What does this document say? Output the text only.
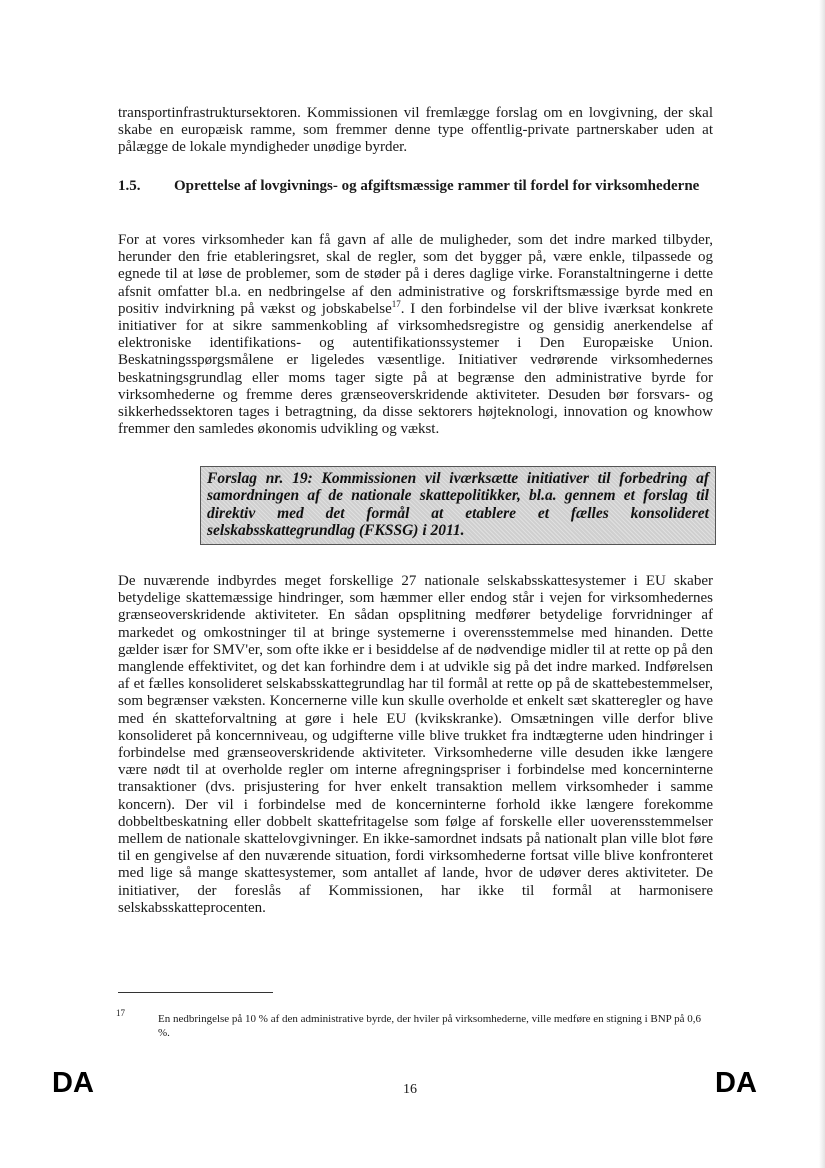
transportinfrastruktursektoren. Kommissionen vil fremlægge forslag om en lovgivning, der skal skabe en europæisk ramme, som fremmer denne type offentlig-private partnerskaber uden at pålægge de lokale myndigheder unødige byrder.
1.5. Oprettelse af lovgivnings- og afgiftsmæssige rammer til fordel for virksomhederne
For at vores virksomheder kan få gavn af alle de muligheder, som det indre marked tilbyder, herunder den frie etableringsret, skal de regler, som det bygger på, være enkle, tilpassede og egnede til at løse de problemer, som de støder på i deres daglige virke. Foranstaltningerne i dette afsnit omfatter bl.a. en nedbringelse af den administrative og forskriftsmæssige byrde med en positiv indvirkning på vækst og jobskabelse$^{17}$. I den forbindelse vil der blive iværksat konkrete initiativer for at sikre sammenkobling af virksomhedsregistre og gensidig anerkendelse af elektroniske identifikations- og autentifikationssystemer i Den Europæiske Union. Beskatningsspørgsmålene er ligeledes væsentlige. Initiativer vedrørende virksomhedernes beskatningsgrundlag eller moms tager sigte på at begrænse den administrative byrde for virksomhederne og fremme deres grænseoverskridende aktiviteter. Desuden bør forsvars- og sikkerhedssektoren tages i betragtning, da disse sektorers højteknologi, innovation og knowhow fremmer den samledes økonomis udvikling og vækst.
Forslag nr. 19: Kommissionen vil iværksætte initiativer til forbedring af samordningen af de nationale skattepolitikker, bl.a. gennem et forslag til direktiv med det formål at etablere et fælles konsolideret selskabsskattegrundlag (FKSSG) i 2011.
De nuværende indbyrdes meget forskellige 27 nationale selskabsskattesystemer i EU skaber betydelige skattemæssige hindringer, som hæmmer eller endog står i vejen for virksomhedernes grænseoverskridende aktiviteter. En sådan opsplitning medfører betydelige forvridninger af markedet og omkostninger til at bringe systemerne i overensstemmelse med hinanden. Dette gælder især for SMV'er, som ofte ikke er i besiddelse af de nødvendige midler til at rette op på den manglende effektivitet, og det kan forhindre dem i at udvikle sig på det indre marked. Indførelsen af et fælles konsolideret selskabsskattegrundlag har til formål at rette op på de skattebestemmelser, som begrænser væksten. Koncernerne ville kun skulle overholde et enkelt sæt skatteregler og have med én skatteforvaltning at gøre i hele EU (kvikskranke). Omsætningen ville derfor blive konsolideret på koncernniveau, og udgifterne ville blive trukket fra indtægterne uden hindringer i forbindelse med grænseoverskridende aktiviteter. Virksomhederne ville desuden ikke længere være nødt til at overholde regler om interne afregningspriser i forbindelse med koncerninterne transaktioner (dvs. prisjustering for hver enkelt transaktion mellem virksomheder i samme koncern). Der vil i forbindelse med de koncerninterne forhold ikke længere forekomme dobbeltbeskatning eller dobbelt skattefritagelse som følge af forskelle eller uoverensstemmelser mellem de nationale skattelovgivninger. En ikke-samordnet indsats på nationalt plan ville blot føre til en gengivelse af den nuværende situation, fordi virksomhederne fortsat ville blive konfronteret med lige så mange skattesystemer, som antallet af lande, hvor de udøver deres aktiviteter. De initiativer, der foreslås af Kommissionen, har ikke til formål at harmonisere selskabsskatteprocenten.
17	En nedbringelse på 10 % af den administrative byrde, der hviler på virksomhederne, ville medføre en stigning i BNP på 0,6 %.
DA	16	DA
